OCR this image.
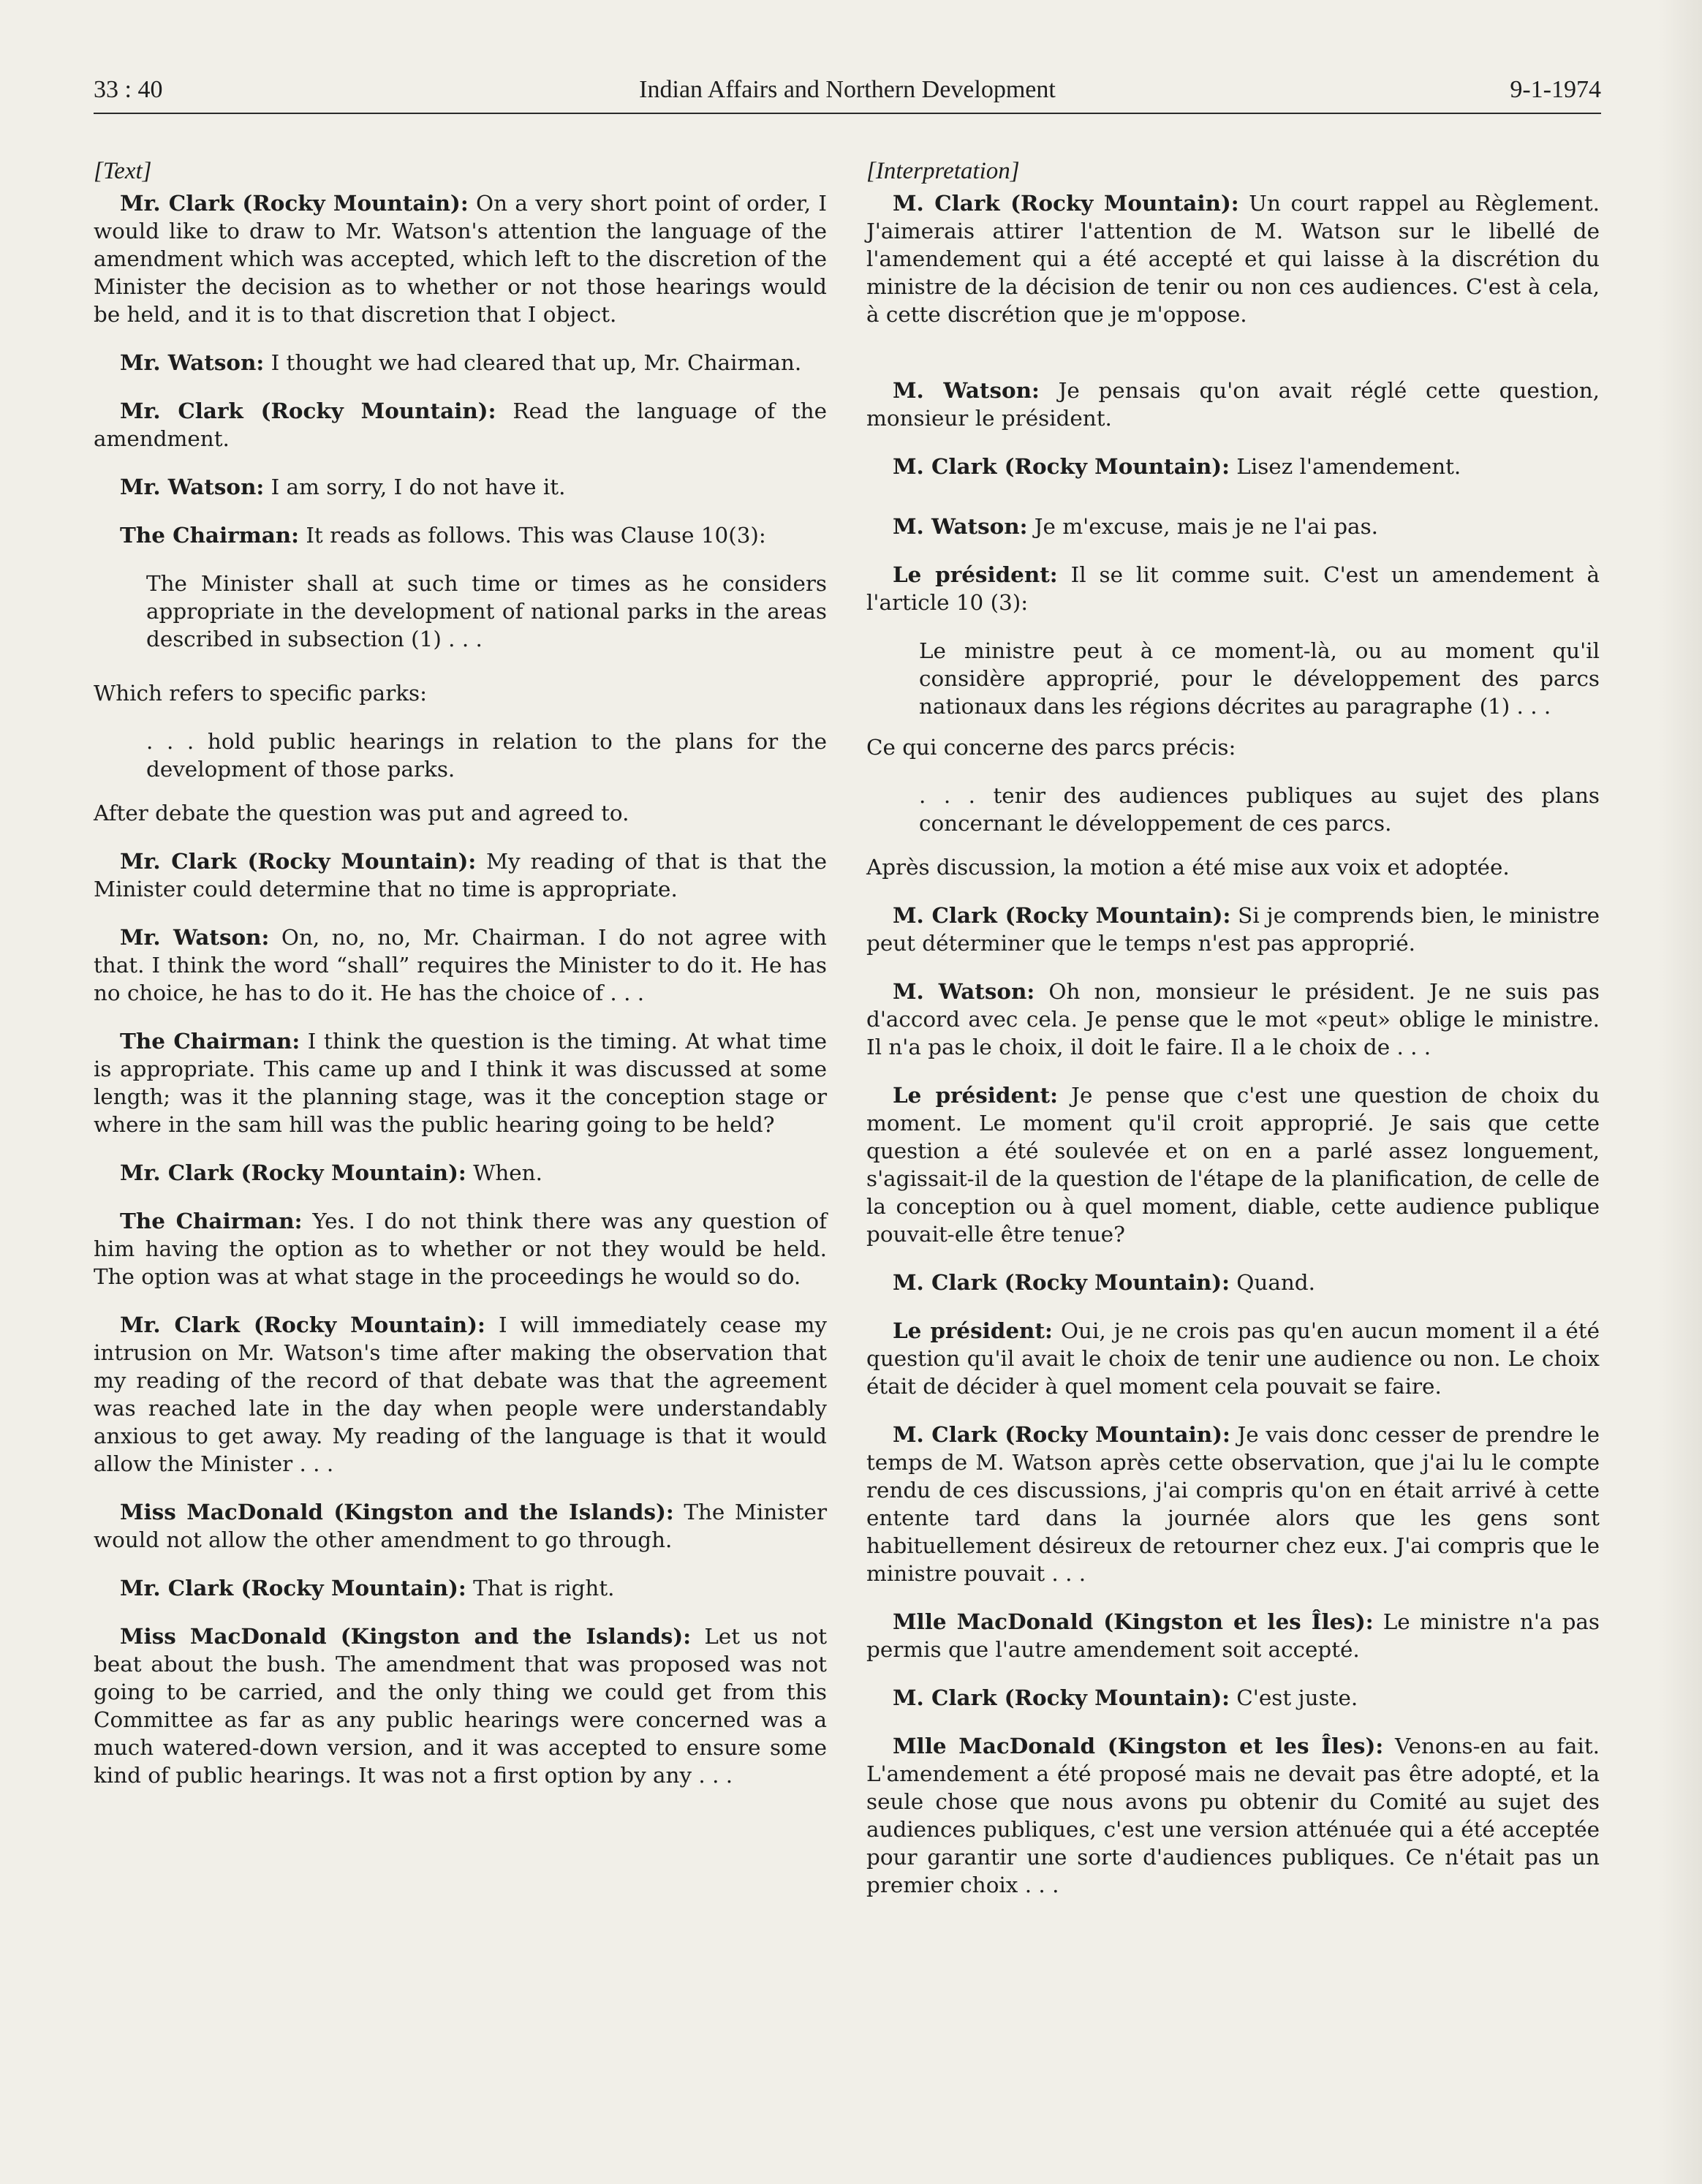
33 : 40	Indian Affairs and Northern Development	9-1-1974
[Text]

Mr. Clark (Rocky Mountain): On a very short point of order, I would like to draw to Mr. Watson's attention the language of the amendment which was accepted, which left to the discretion of the Minister the decision as to whether or not those hearings would be held, and it is to that discretion that I object.

Mr. Watson: I thought we had cleared that up, Mr. Chairman.

Mr. Clark (Rocky Mountain): Read the language of the amendment.

Mr. Watson: I am sorry, I do not have it.

The Chairman: It reads as follows. This was Clause 10(3):

The Minister shall at such time or times as he considers appropriate in the development of national parks in the areas described in subsection (1) . . .

Which refers to specific parks:

. . . hold public hearings in relation to the plans for the development of those parks.

After debate the question was put and agreed to.

Mr. Clark (Rocky Mountain): My reading of that is that the Minister could determine that no time is appropriate.

Mr. Watson: On, no, no, Mr. Chairman. I do not agree with that. I think the word “shall” requires the Minister to do it. He has no choice, he has to do it. He has the choice of . . .

The Chairman: I think the question is the timing. At what time is appropriate. This came up and I think it was discussed at some length; was it the planning stage, was it the conception stage or where in the sam hill was the public hearing going to be held?

Mr. Clark (Rocky Mountain): When.

The Chairman: Yes. I do not think there was any question of him having the option as to whether or not they would be held. The option was at what stage in the proceedings he would so do.

Mr. Clark (Rocky Mountain): I will immediately cease my intrusion on Mr. Watson's time after making the observation that my reading of the record of that debate was that the agreement was reached late in the day when people were understandably anxious to get away. My reading of the language is that it would allow the Minister . . .

Miss MacDonald (Kingston and the Islands): The Minister would not allow the other amendment to go through.

Mr. Clark (Rocky Mountain): That is right.

Miss MacDonald (Kingston and the Islands): Let us not beat about the bush. The amendment that was proposed was not going to be carried, and the only thing we could get from this Committee as far as any public hearings were concerned was a much watered-down version, and it was accepted to ensure some kind of public hearings. It was not a first option by any . . .

[Interpretation]

M. Clark (Rocky Mountain): Un court rappel au Règlement. J'aimerais attirer l'attention de M. Watson sur le libellé de l'amendement qui a été accepté et qui laisse à la discrétion du ministre de la décision de tenir ou non ces audiences. C'est à cela, à cette discrétion que je m'oppose.

M. Watson: Je pensais qu'on avait réglé cette question, monsieur le président.

M. Clark (Rocky Mountain): Lisez l'amendement.

M. Watson: Je m'excuse, mais je ne l'ai pas.

Le président: Il se lit comme suit. C'est un amendement à l'article 10 (3):

Le ministre peut à ce moment-là, ou au moment qu'il considère approprié, pour le développement des parcs nationaux dans les régions décrites au paragraphe (1) . . .

Ce qui concerne des parcs précis:

. . . tenir des audiences publiques au sujet des plans concernant le développement de ces parcs.

Après discussion, la motion a été mise aux voix et adoptée.

M. Clark (Rocky Mountain): Si je comprends bien, le ministre peut déterminer que le temps n'est pas approprié.

M. Watson: Oh non, monsieur le président. Je ne suis pas d'accord avec cela. Je pense que le mot «peut» oblige le ministre. Il n'a pas le choix, il doit le faire. Il a le choix de . . .

Le président: Je pense que c'est une question de choix du moment. Le moment qu'il croit approprié. Je sais que cette question a été soulevée et on en a parlé assez longuement, s'agissait-il de la question de l'étape de la planification, de celle de la conception ou à quel moment, diable, cette audience publique pouvait-elle être tenue?

M. Clark (Rocky Mountain): Quand.

Le président: Oui, je ne crois pas qu'en aucun moment il a été question qu'il avait le choix de tenir une audience ou non. Le choix était de décider à quel moment cela pouvait se faire.

M. Clark (Rocky Mountain): Je vais donc cesser de prendre le temps de M. Watson après cette observation, que j'ai lu le compte rendu de ces discussions, j'ai compris qu'on en était arrivé à cette entente tard dans la journée alors que les gens sont habituellement désireux de retourner chez eux. J'ai compris que le ministre pouvait . . .

Mlle MacDonald (Kingston et les Îles): Le ministre n'a pas permis que l'autre amendement soit accepté.

M. Clark (Rocky Mountain): C'est juste.

Mlle MacDonald (Kingston et les Îles): Venons-en au fait. L'amendement a été proposé mais ne devait pas être adopté, et la seule chose que nous avons pu obtenir du Comité au sujet des audiences publiques, c'est une version atténuée qui a été acceptée pour garantir une sorte d'audiences publiques. Ce n'était pas un premier choix . . .
